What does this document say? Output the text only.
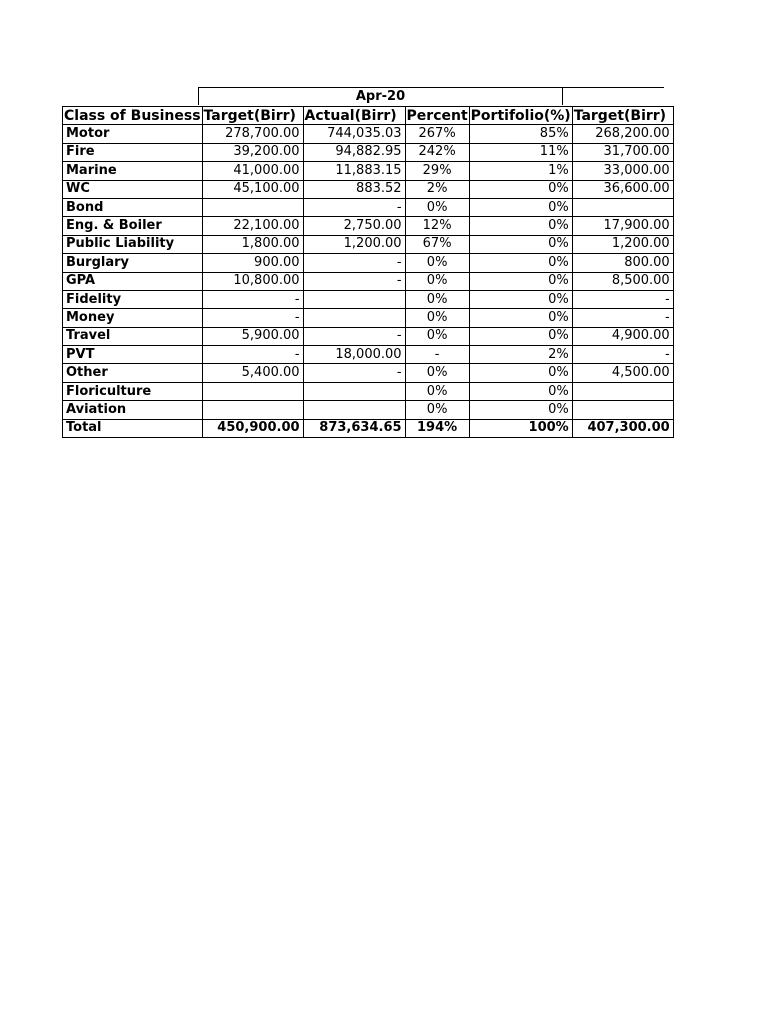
Apr-20
Class of Business	Target(Birr)	Actual(Birr)	Percent	Portifolio(%)	Target(Birr)
Motor	278,700.00	744,035.03	267%	85%	268,200.00
Fire	39,200.00	94,882.95	242%	11%	31,700.00
Marine	41,000.00	11,883.15	29%	1%	33,000.00
WC	45,100.00	883.52	2%	0%	36,600.00
Bond		-	0%	0%	
Eng. & Boiler	22,100.00	2,750.00	12%	0%	17,900.00
Public Liability	1,800.00	1,200.00	67%	0%	1,200.00
Burglary	900.00	-	0%	0%	800.00
GPA	10,800.00	-	0%	0%	8,500.00
Fidelity	-		0%	0%	-
Money	-		0%	0%	-
Travel	5,900.00	-	0%	0%	4,900.00
PVT	-	18,000.00	-	2%	-
Other	5,400.00	-	0%	0%	4,500.00
Floriculture			0%	0%	
Aviation			0%	0%	
Total	450,900.00	873,634.65	194%	100%	407,300.00
